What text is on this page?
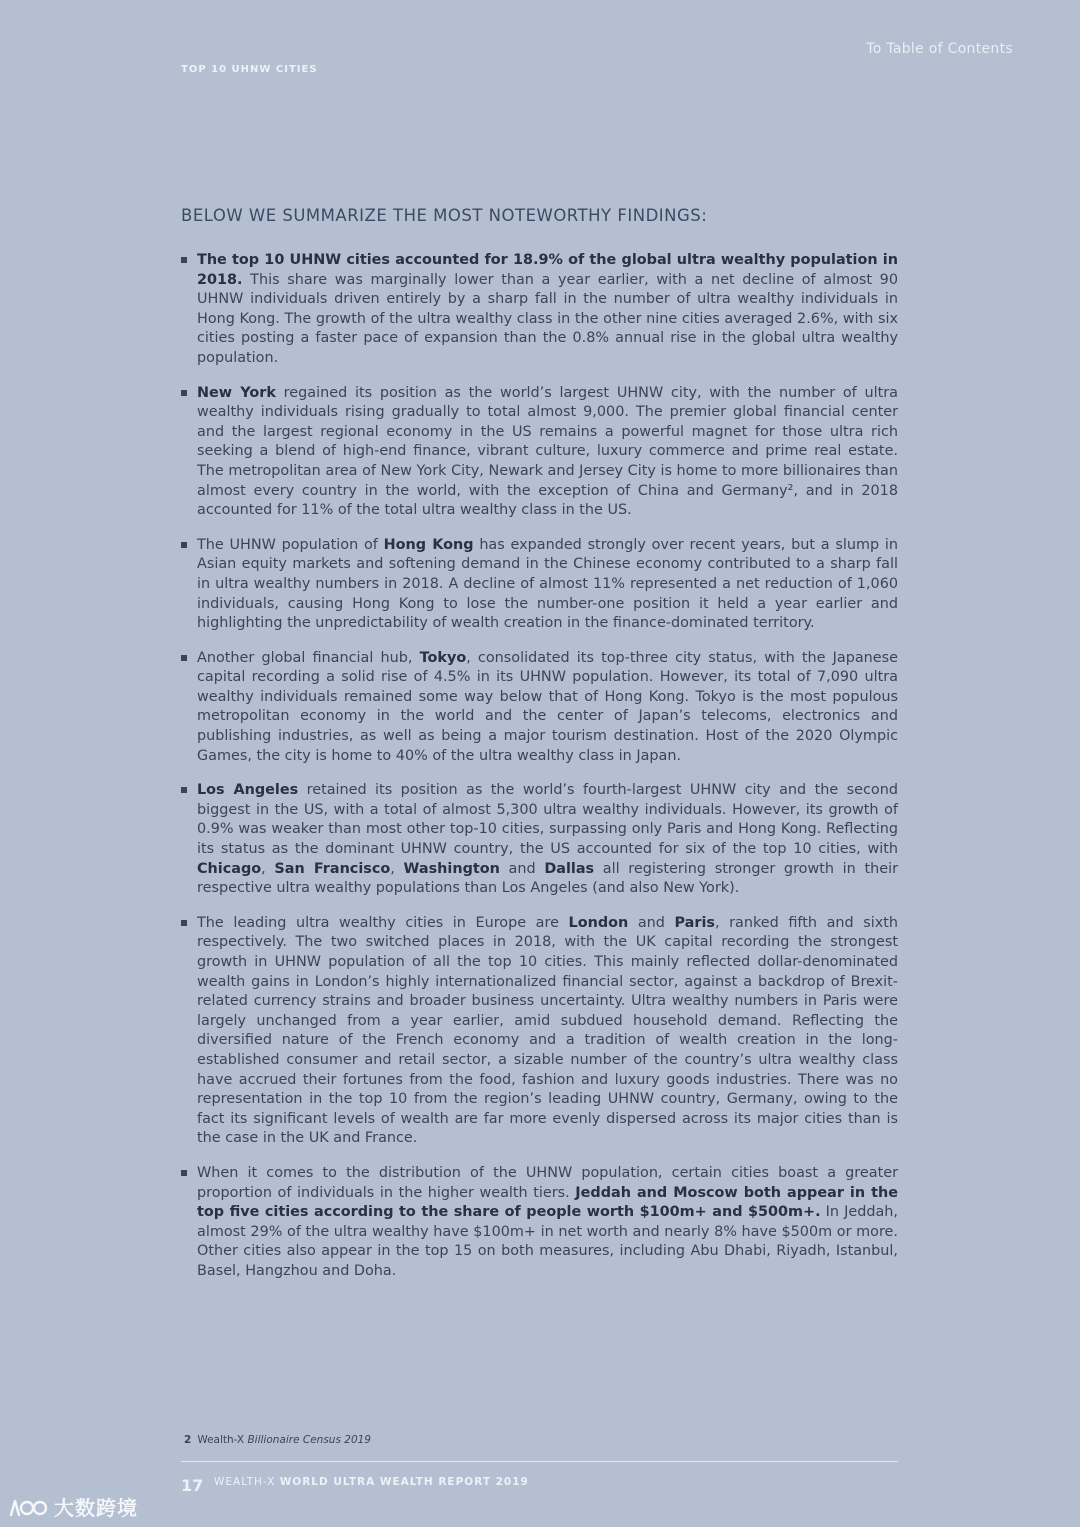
To Table of Contents
TOP 10 UHNW CITIES
BELOW WE SUMMARIZE THE MOST NOTEWORTHY FINDINGS:
The top 10 UHNW cities accounted for 18.9% of the global ultra wealthy population in 2018. This share was marginally lower than a year earlier, with a net decline of almost 90 UHNW individuals driven entirely by a sharp fall in the number of ultra wealthy individuals in Hong Kong. The growth of the ultra wealthy class in the other nine cities averaged 2.6%, with six cities posting a faster pace of expansion than the 0.8% annual rise in the global ultra wealthy population.
New York regained its position as the world’s largest UHNW city, with the number of ultra wealthy individuals rising gradually to total almost 9,000. The premier global financial center and the largest regional economy in the US remains a powerful magnet for those ultra rich seeking a blend of high-end finance, vibrant culture, luxury commerce and prime real estate. The metropolitan area of New York City, Newark and Jersey City is home to more billionaires than almost every country in the world, with the exception of China and Germany², and in 2018 accounted for 11% of the total ultra wealthy class in the US.
The UHNW population of Hong Kong has expanded strongly over recent years, but a slump in Asian equity markets and softening demand in the Chinese economy contributed to a sharp fall in ultra wealthy numbers in 2018. A decline of almost 11% represented a net reduction of 1,060 individuals, causing Hong Kong to lose the number-one position it held a year earlier and highlighting the unpredictability of wealth creation in the finance-dominated territory.
Another global financial hub, Tokyo, consolidated its top-three city status, with the Japanese capital recording a solid rise of 4.5% in its UHNW population. However, its total of 7,090 ultra wealthy individuals remained some way below that of Hong Kong. Tokyo is the most populous metropolitan economy in the world and the center of Japan’s telecoms, electronics and publishing industries, as well as being a major tourism destination. Host of the 2020 Olympic Games, the city is home to 40% of the ultra wealthy class in Japan.
Los Angeles retained its position as the world’s fourth-largest UHNW city and the second biggest in the US, with a total of almost 5,300 ultra wealthy individuals. However, its growth of 0.9% was weaker than most other top-10 cities, surpassing only Paris and Hong Kong. Reflecting its status as the dominant UHNW country, the US accounted for six of the top 10 cities, with Chicago, San Francisco, Washington and Dallas all registering stronger growth in their respective ultra wealthy populations than Los Angeles (and also New York).
The leading ultra wealthy cities in Europe are London and Paris, ranked fifth and sixth respectively. The two switched places in 2018, with the UK capital recording the strongest growth in UHNW population of all the top 10 cities. This mainly reflected dollar-denominated wealth gains in London’s highly internationalized financial sector, against a backdrop of Brexit-related currency strains and broader business uncertainty. Ultra wealthy numbers in Paris were largely unchanged from a year earlier, amid subdued household demand. Reflecting the diversified nature of the French economy and a tradition of wealth creation in the long-established consumer and retail sector, a sizable number of the country’s ultra wealthy class have accrued their fortunes from the food, fashion and luxury goods industries. There was no representation in the top 10 from the region’s leading UHNW country, Germany, owing to the fact its significant levels of wealth are far more evenly dispersed across its major cities than is the case in the UK and France.
When it comes to the distribution of the UHNW population, certain cities boast a greater proportion of individuals in the higher wealth tiers. Jeddah and Moscow both appear in the top five cities according to the share of people worth $100m+ and $500m+. In Jeddah, almost 29% of the ultra wealthy have $100m+ in net worth and nearly 8% have $500m or more. Other cities also appear in the top 15 on both measures, including Abu Dhabi, Riyadh, Istanbul, Basel, Hangzhou and Doha.
2 Wealth-X Billionaire Census 2019
17 WEALTH-X WORLD ULTRA WEALTH REPORT 2019
大数跨境
